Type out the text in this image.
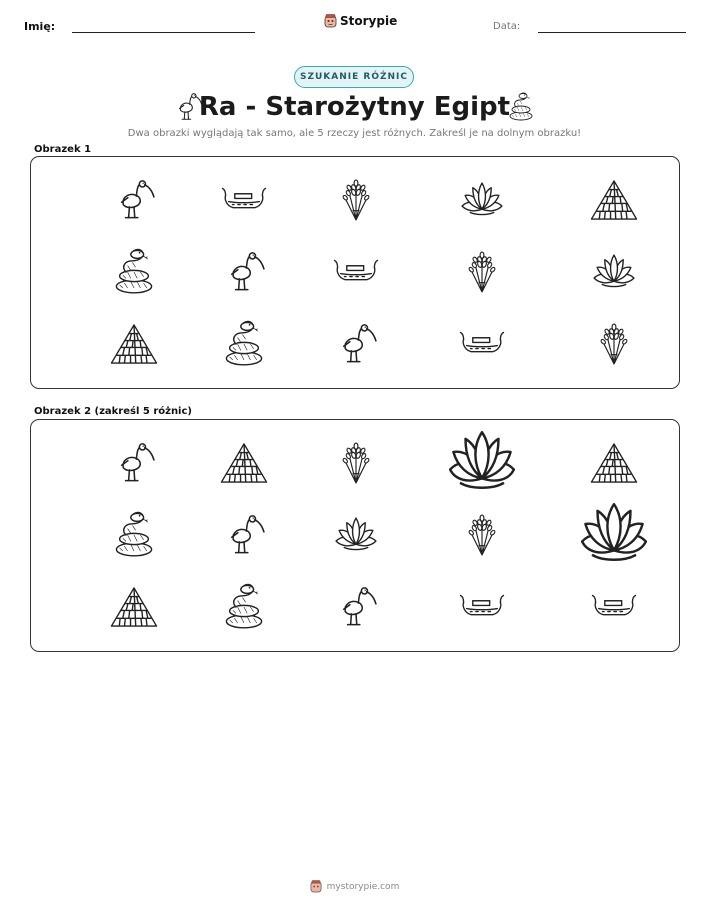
Imię:	Storypie	Data:
SZUKANIE RÓŻNIC
Ra - Starożytny Egipt
Dwa obrazki wyglądają tak samo, ale 5 rzeczy jest różnych. Zakreśl je na dolnym obrazku!
Obrazek 1
Obrazek 2 (zakreśl 5 różnic)
mystorypie.com
